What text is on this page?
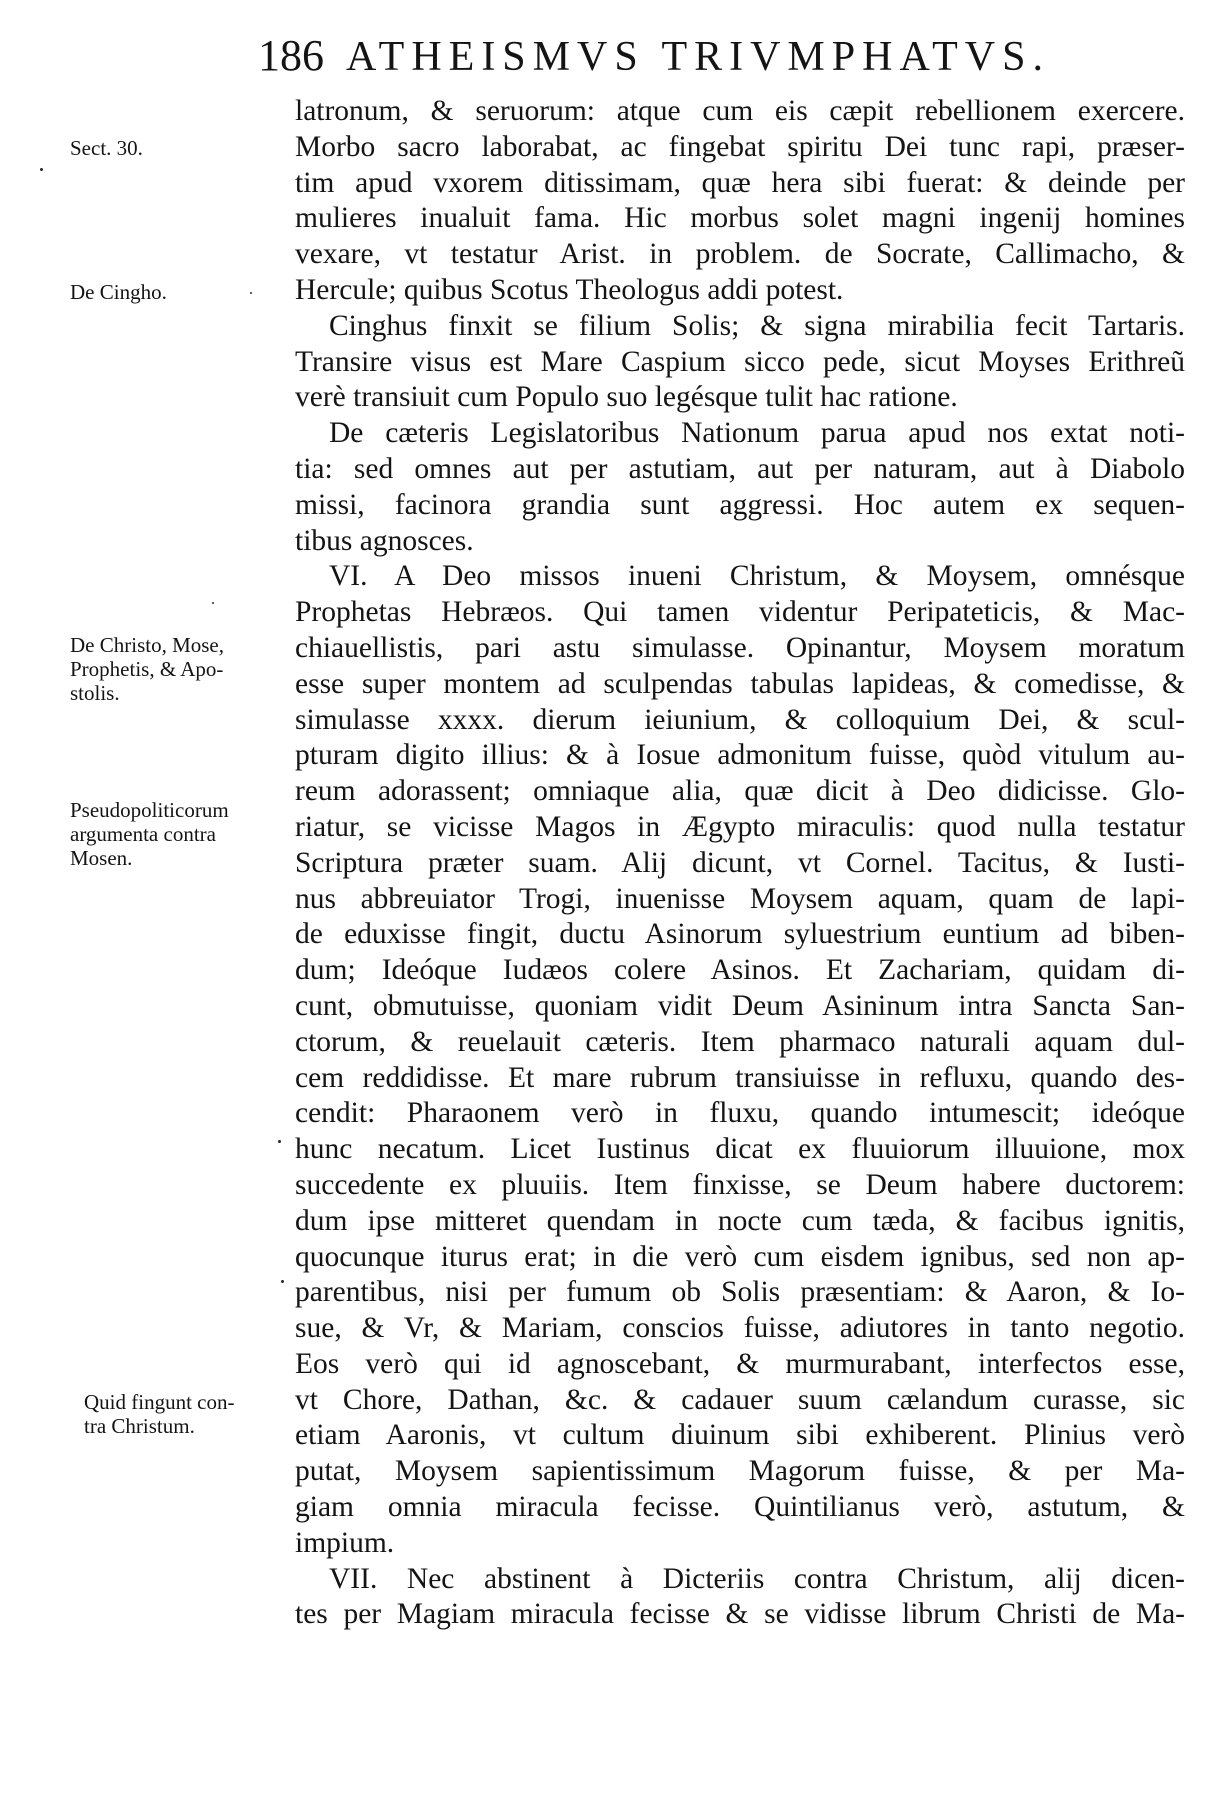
186 ATHEISMVS TRIVMPHATVS.
Sect. 30.
De Cingho.
De Christo, Mose,
Prophetis, & Apo-
stolis.
Pseudopoliticorum
argumenta contra
Mosen.
Quid fingunt con-
tra Christum.
latronum, & seruorum: atque cum eis cæpit rebellionem exercere.
Morbo sacro laborabat, ac fingebat spiritu Dei tunc rapi, præser-
tim apud vxorem ditissimam, quæ hera sibi fuerat: & deinde per
mulieres inualuit fama. Hic morbus solet magni ingenij homines
vexare, vt testatur Arist. in problem. de Socrate, Callimacho, &
Hercule; quibus Scotus Theologus addi potest.
Cinghus finxit se filium Solis; & signa mirabilia fecit Tartaris.
Transire visus est Mare Caspium sicco pede, sicut Moyses Erithreũ
verè transiuit cum Populo suo legésque tulit hac ratione.
De cæteris Legislatoribus Nationum parua apud nos extat noti-
tia: sed omnes aut per astutiam, aut per naturam, aut à Diabolo
missi, facinora grandia sunt aggressi. Hoc autem ex sequen-
tibus agnosces.
VI. A Deo missos inueni Christum, & Moysem, omnésque
Prophetas Hebræos. Qui tamen videntur Peripateticis, & Mac-
chiauellistis, pari astu simulasse. Opinantur, Moysem moratum
esse super montem ad sculpendas tabulas lapideas, & comedisse, &
simulasse xxxx. dierum ieiunium, & colloquium Dei, & scul-
pturam digito illius: & à Iosue admonitum fuisse, quòd vitulum au-
reum adorassent; omniaque alia, quæ dicit à Deo didicisse. Glo-
riatur, se vicisse Magos in Ægypto miraculis: quod nulla testatur
Scriptura præter suam. Alij dicunt, vt Cornel. Tacitus, & Iusti-
nus abbreuiator Trogi, inuenisse Moysem aquam, quam de lapi-
de eduxisse fingit, ductu Asinorum syluestrium euntium ad biben-
dum; Ideóque Iudæos colere Asinos. Et Zachariam, quidam di-
cunt, obmutuisse, quoniam vidit Deum Asininum intra Sancta San-
ctorum, & reuelauit cæteris. Item pharmaco naturali aquam dul-
cem reddidisse. Et mare rubrum transiuisse in refluxu, quando des-
cendit: Pharaonem verò in fluxu, quando intumescit; ideóque
hunc necatum. Licet Iustinus dicat ex fluuiorum illuuione, mox
succedente ex pluuiis. Item finxisse, se Deum habere ductorem:
dum ipse mitteret quendam in nocte cum tæda, & facibus ignitis,
quocunque iturus erat; in die verò cum eisdem ignibus, sed non ap-
parentibus, nisi per fumum ob Solis præsentiam: & Aaron, & Io-
sue, & Vr, & Mariam, conscios fuisse, adiutores in tanto negotio.
Eos verò qui id agnoscebant, & murmurabant, interfectos esse,
vt Chore, Dathan, &c. & cadauer suum cælandum curasse, sic
etiam Aaronis, vt cultum diuinum sibi exhiberent. Plinius verò
putat, Moysem sapientissimum Magorum fuisse, & per Ma-
giam omnia miracula fecisse. Quintilianus verò, astutum, &
impium.
VII. Nec abstinent à Dicteriis contra Christum, alij dicen-
tes per Magiam miracula fecisse & se vidisse librum Christi de Ma-
